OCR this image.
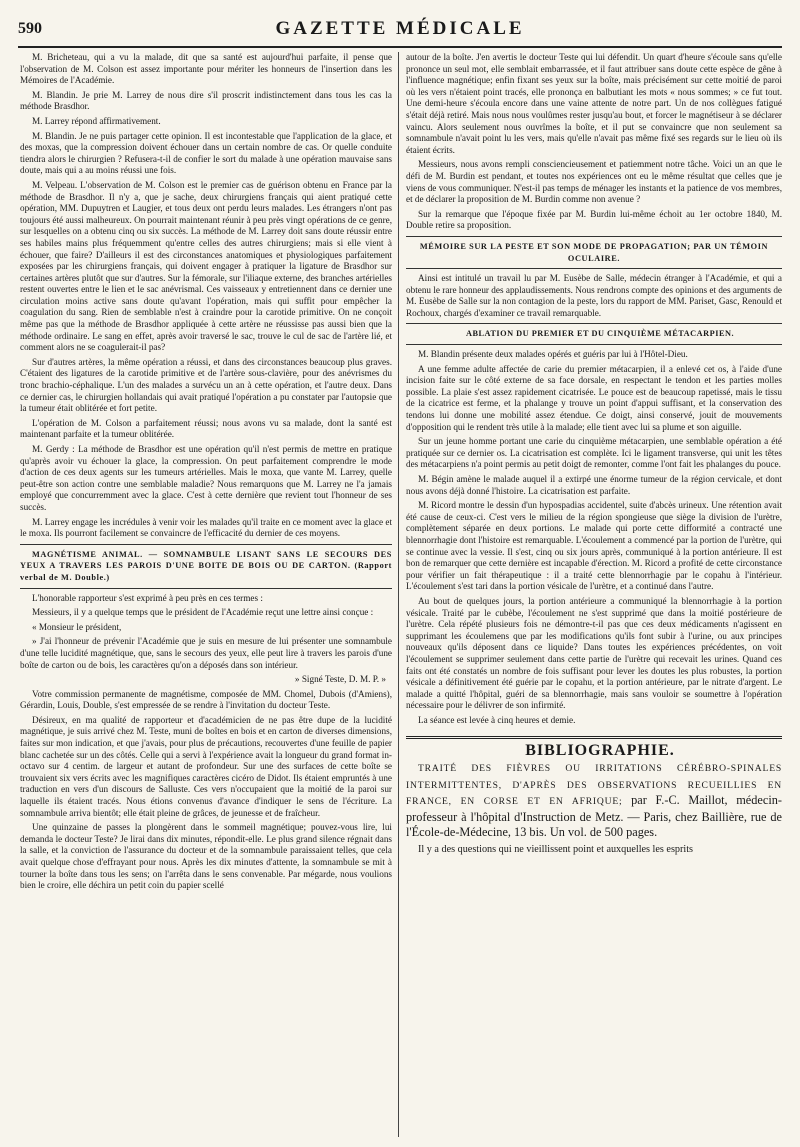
590	GAZETTE MÉDICALE

M. Bricheteau, qui a vu la malade, dit que sa santé est aujourd'hui parfaite, il pense que l'observation de M. Colson est assez importante pour mériter les honneurs de l'insertion dans les Mémoires de l'Académie.

M. Blandin. Je prie M. Larrey de nous dire s'il proscrit indistinctement dans tous les cas la méthode Brasdhor.

M. Larrey répond affirmativement.

M. Blandin. Je ne puis partager cette opinion. Il est incontestable que l'application de la glace, et des moxas, que la compression doivent échouer dans un certain nombre de cas. Or quelle conduite tiendra alors le chirurgien ? Refusera-t-il de confier le sort du malade à une opération mauvaise sans doute, mais qui a au moins réussi une fois.

M. Velpeau. L'observation de M. Colson est le premier cas de guérison obtenu en France par la méthode de Brasdhor. Il n'y a, que je sache, deux chirurgiens français qui aient pratiqué cette opération, MM. Dupuytren et Laugier, et tous deux ont perdu leurs malades. Les étrangers n'ont pas toujours été aussi malheureux. On pourrait maintenant réunir à peu près vingt opérations de ce genre, sur lesquelles on a obtenu cinq ou six succès. La méthode de M. Larrey doit sans doute réussir entre ses habiles mains plus fréquemment qu'entre celles des autres chirurgiens; mais si elle vient à échouer, que faire? D'ailleurs il est des circonstances anatomiques et physiologiques parfaitement exposées par les chirurgiens français, qui doivent engager à pratiquer la ligature de Brasdhor sur certaines artères plutôt que sur d'autres. Sur la fémorale, sur l'iliaque externe, des branches artérielles restent ouvertes entre le lien et le sac anévrismal. Ces vaisseaux y entretiennent dans ce dernier une circulation moins active sans doute qu'avant l'opération, mais qui suffit pour empêcher la coagulation du sang. Rien de semblable n'est à craindre pour la carotide primitive. On ne conçoit même pas que la méthode de Brasdhor appliquée à cette artère ne réussisse pas aussi bien que la méthode ordinaire. Le sang en effet, après avoir traversé le sac, trouve le cul de sac de l'artère lié, et comment alors ne se coagulerait-il pas?

Sur d'autres artères, la même opération a réussi, et dans des circonstances beaucoup plus graves. C'étaient des ligatures de la carotide primitive et de l'artère sous-clavière, pour des anévrismes du tronc brachio-céphalique. L'un des malades a survécu un an à cette opération, et l'autre deux. Dans ce dernier cas, le chirurgien hollandais qui avait pratiqué l'opération a pu constater par l'autopsie que la tumeur était oblitérée et fort petite.

L'opération de M. Colson a parfaitement réussi; nous avons vu sa malade, dont la santé est maintenant parfaite et la tumeur oblitérée.

M. Gerdy : La méthode de Brasdhor est une opération qu'il n'est permis de mettre en pratique qu'après avoir vu échouer la glace, la compression. On peut parfaitement comprendre le mode d'action de ces deux agents sur les tumeurs artérielles. Mais le moxa, que vante M. Larrey, quelle peut-être son action contre une semblable maladie? Nous remarquons que M. Larrey ne l'a jamais employé que concurremment avec la glace. C'est à cette dernière que revient tout l'honneur de ses succès.

M. Larrey engage les incrédules à venir voir les malades qu'il traite en ce moment avec la glace et le moxa. Ils pourront facilement se convaincre de l'efficacité du dernier de ces moyens.

MAGNÉTISME ANIMAL. — SOMNAMBULE LISANT SANS LE SECOURS DES YEUX A TRAVERS LES PAROIS D'UNE BOITE DE BOIS OU DE CARTON. (Rapport verbal de M. Double.)

L'honorable rapporteur s'est exprimé à peu près en ces termes :

Messieurs, il y a quelque temps que le président de l'Académie reçut une lettre ainsi conçue :

« Monsieur le président,

» J'ai l'honneur de prévenir l'Académie que je suis en mesure de lui présenter une somnambule d'une telle lucidité magnétique, que, sans le secours des yeux, elle peut lire à travers les parois d'une boîte de carton ou de bois, les caractères qu'on a déposés dans son intérieur.

» Signé Teste, D. M. P. »

Votre commission permanente de magnétisme, composée de MM. Chomel, Dubois (d'Amiens), Gérardin, Louis, Double, s'est empressée de se rendre à l'invitation du docteur Teste.

Désireux, en ma qualité de rapporteur et d'académicien de ne pas être dupe de la lucidité magnétique, je suis arrivé chez M. Teste, muni de boîtes en bois et en carton de diverses dimensions, faites sur mon indication, et que j'avais, pour plus de précautions, recouvertes d'une feuille de papier blanc cachetée sur un des côtés. Celle qui a servi à l'expérience avait la longueur du grand format in-octavo sur 4 centim. de largeur et autant de profondeur. Sur une des surfaces de cette boîte se trouvaient six vers écrits avec les magnifiques caractères cicéro de Didot. Ils étaient empruntés à une traduction en vers d'un discours de Salluste. Ces vers n'occupaient que la moitié de la paroi sur laquelle ils étaient tracés. Nous étions convenus d'avance d'indiquer le sens de l'écriture. La somnambule arriva bientôt; elle était pleine de grâces, de jeunesse et de fraîcheur.

Une quinzaine de passes la plongèrent dans le sommeil magnétique; pouvez-vous lire, lui demanda le docteur Teste? Je lirai dans dix minutes, répondit-elle. Le plus grand silence régnait dans la salle, et la conviction de l'assurance du docteur et de la somnambule paraissaient telles, que cela avait quelque chose d'effrayant pour nous. Après les dix minutes d'attente, la somnambule se mit à tourner la boîte dans tous les sens; on l'arrêta dans le sens convenable. Par mégarde, nous voulions bien le croire, elle déchira un petit coin du papier scellé

autour de la boîte. J'en avertis le docteur Teste qui lui défendit. Un quart d'heure s'écoule sans qu'elle prononce un seul mot, elle semblait embarrassée, et il faut attribuer sans doute cette espèce de gêne à l'influence magnétique; enfin fixant ses yeux sur la boîte, mais précisément sur cette moitié de paroi où les vers n'étaient point tracés, elle prononça en balbutiant les mots « nous sommes; » ce fut tout. Une demi-heure s'écoula encore dans une vaine attente de notre part. Un de nos collègues fatigué s'était déjà retiré. Mais nous nous voulûmes rester jusqu'au bout, et forcer le magnétiseur à se déclarer vaincu. Alors seulement nous ouvrîmes la boîte, et il put se convaincre que non seulement sa somnambule n'avait point lu les vers, mais qu'elle n'avait pas même fixé ses regards sur le lieu où ils étaient écrits.

Messieurs, nous avons rempli consciencieusement et patiemment notre tâche. Voici un an que le défi de M. Burdin est pendant, et toutes nos expériences ont eu le même résultat que celles que je viens de vous communiquer. N'est-il pas temps de ménager les instants et la patience de vos membres, et de déclarer la proposition de M. Burdin comme non avenue ?

Sur la remarque que l'époque fixée par M. Burdin lui-même échoit au 1er octobre 1840, M. Double retire sa proposition.

MÉMOIRE SUR LA PESTE ET SON MODE DE PROPAGATION; PAR UN TÉMOIN OCULAIRE.

Ainsi est intitulé un travail lu par M. Eusèbe de Salle, médecin étranger à l'Académie, et qui a obtenu le rare honneur des applaudissements. Nous rendrons compte des opinions et des arguments de M. Eusèbe de Salle sur la non contagion de la peste, lors du rapport de MM. Pariset, Gasc, Renould et Rochoux, chargés d'examiner ce travail remarquable.

ABLATION DU PREMIER ET DU CINQUIÈME MÉTACARPIEN.

M. Blandin présente deux malades opérés et guéris par lui à l'Hôtel-Dieu.

A une femme adulte affectée de carie du premier métacarpien, il a enlevé cet os, à l'aide d'une incision faite sur le côté externe de sa face dorsale, en respectant le tendon et les parties molles possible. La plaie s'est assez rapidement cicatrisée. Le pouce est de beaucoup rapetissé, mais le tissu de la cicatrice est ferme, et la phalange y trouve un point d'appui suffisant, et la conservation des tendons lui donne une mobilité assez étendue. Ce doigt, ainsi conservé, jouit de mouvements d'opposition qui le rendent très utile à la malade; elle tient avec lui sa plume et son aiguille.

Sur un jeune homme portant une carie du cinquième métacarpien, une semblable opération a été pratiquée sur ce dernier os. La cicatrisation est complète. Ici le ligament transverse, qui unit les têtes des métacarpiens n'a point permis au petit doigt de remonter, comme l'ont fait les phalanges du pouce.

M. Bégin amène le malade auquel il a extirpé une énorme tumeur de la région cervicale, et dont nous avons déjà donné l'histoire. La cicatrisation est parfaite.

M. Ricord montre le dessin d'un hypospadias accidentel, suite d'abcès urineux. Une rétention avait été cause de ceux-ci. C'est vers le milieu de la région spongieuse que siège la division de l'urètre, complètement séparée en deux portions. Le malade qui porte cette difformité a contracté une blennorrhagie dont l'histoire est remarquable. L'écoulement a commencé par la portion de l'urètre, qui se continue avec la vessie. Il s'est, cinq ou six jours après, communiqué à la portion antérieure. Il est bon de remarquer que cette dernière est incapable d'érection. M. Ricord a profité de cette circonstance pour vérifier un fait thérapeutique : il a traité cette blennorrhagie par le copahu à l'intérieur. L'écoulement s'est tari dans la portion vésicale de l'urètre, et a continué dans l'autre.

Au bout de quelques jours, la portion antérieure a communiqué la blennorrhagie à la portion vésicale. Traité par le cubèbe, l'écoulement ne s'est supprimé que dans la moitié postérieure de l'urètre. Cela répété plusieurs fois ne démontre-t-il pas que ces deux médicaments n'agissent en supprimant les écoulemens que par les modifications qu'ils font subir à l'urine, ou aux principes nouveaux qu'ils déposent dans ce liquide? Dans toutes les expériences précédentes, on voit l'écoulement se supprimer seulement dans cette partie de l'urètre qui recevait les urines. Quand ces faits ont été constatés un nombre de fois suffisant pour lever les doutes les plus robustes, la portion vésicale a définitivement été guérie par le copahu, et la portion antérieure, par le nitrate d'argent. Le malade a quitté l'hôpital, guéri de sa blennorrhagie, mais sans vouloir se soumettre à l'opération nécessaire pour le délivrer de son infirmité.

La séance est levée à cinq heures et demie.

BIBLIOGRAPHIE.

TRAITÉ DES FIÈVRES OU IRRITATIONS CÉRÉBRO-SPINALES INTERMITTENTES, D'APRÈS DES OBSERVATIONS RECUEILLIES EN FRANCE, EN CORSE ET EN AFRIQUE; par F.-C. Maillot, médecin-professeur à l'hôpital d'Instruction de Metz. — Paris, chez Baillière, rue de l'École-de-Médecine, 13 bis. Un vol. de 500 pages.

Il y a des questions qui ne vieillissent point et auxquelles les esprits
